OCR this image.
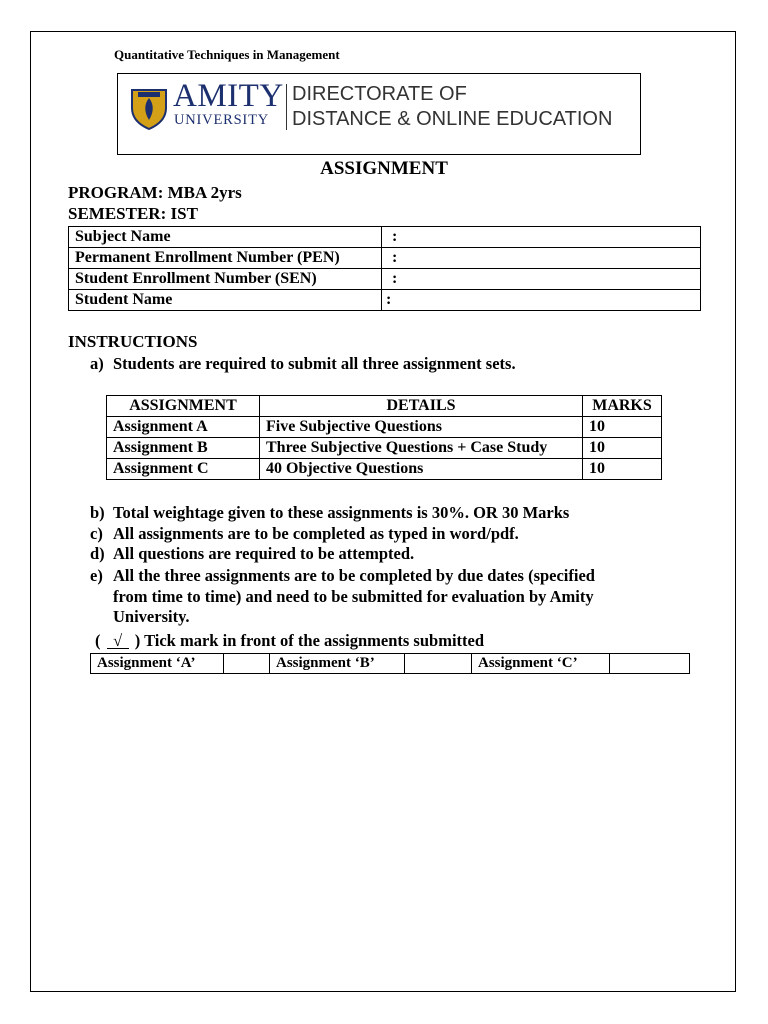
Quantitative Techniques in Management
AMITY
UNIVERSITY
DIRECTORATE OF
DISTANCE & ONLINE EDUCATION
ASSIGNMENT
PROGRAM: MBA 2yrs
SEMESTER: IST
Subject Name	:
Permanent Enrollment Number (PEN)	:
Student Enrollment Number (SEN)	:
Student Name	:
INSTRUCTIONS
a) Students are required to submit all three assignment sets.
ASSIGNMENT	DETAILS	MARKS
Assignment A	Five Subjective Questions	10
Assignment B	Three Subjective Questions + Case Study	10
Assignment C	40 Objective Questions	10
b) Total weightage given to these assignments is 30%. OR 30 Marks
c) All assignments are to be completed as typed in word/pdf.
d) All questions are required to be attempted.
e) All the three assignments are to be completed by due dates (specified
from time to time) and need to be submitted for evaluation by Amity
University.
( √ ) Tick mark in front of the assignments submitted
Assignment ‘A’		Assignment ‘B’		Assignment ‘C’	
